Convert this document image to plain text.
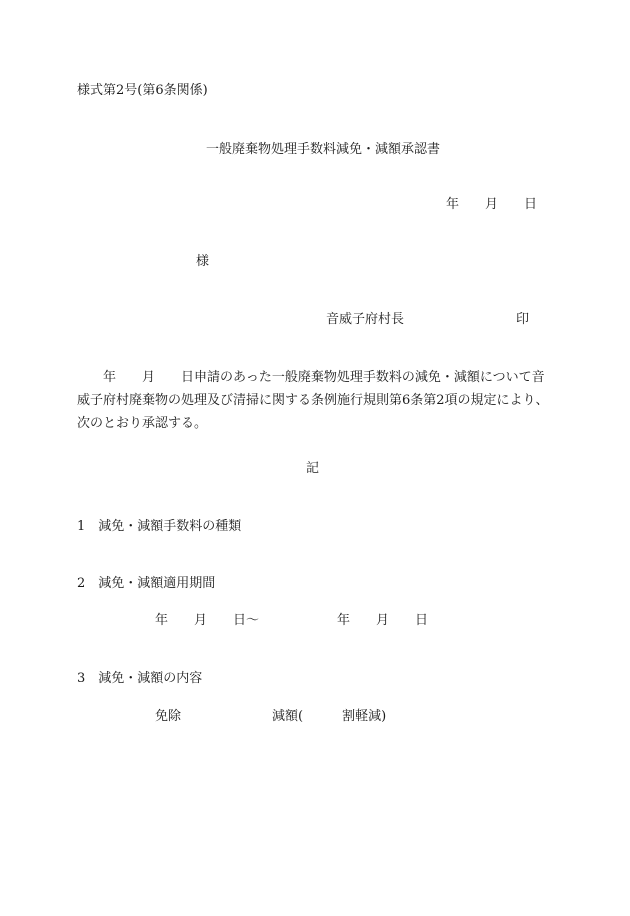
様式第2号(第6条関係)
一般廃棄物処理手数料減免・減額承認書
年　　月　　日
様
音威子府村長	印
　　年　　月　　日申請のあった一般廃棄物処理手数料の減免・減額について音威子府村廃棄物の処理及び清掃に関する条例施行規則第6条第2項の規定により、次のとおり承認する。
記
1　減免・減額手数料の種類
2　減免・減額適用期間
年　　月　　日〜　　　　　　年　　月　　日
3　減免・減額の内容
免除　　　　　　　減額(　　　割軽減)
